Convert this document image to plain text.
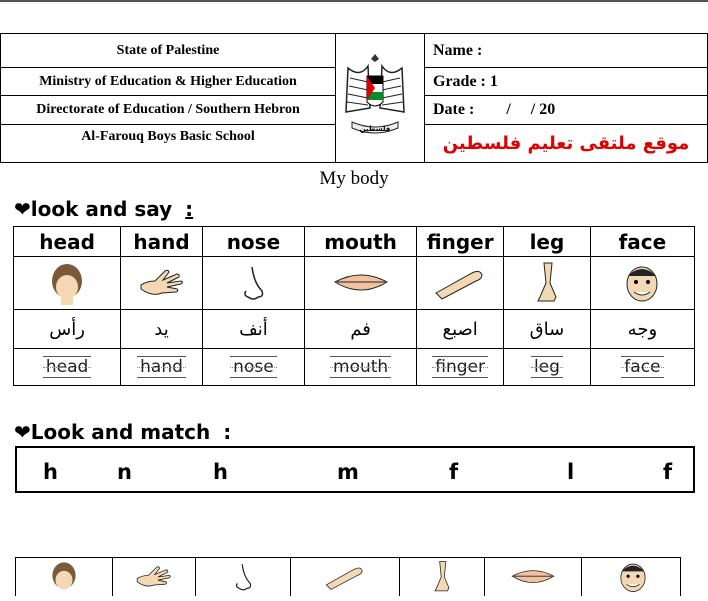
State of Palestine	فلسطين	Name :
Ministry of Education & Higher Education		Grade : 1
Directorate of Education / Southern Hebron		Date :        /     / 20
Al-Farouq Boys Basic School		موقع ملتقى تعليم فلسطين
My body
❤look and say :
head	hand	nose	mouth	finger	leg	face

رأس	يد	أنف	فم	اصبع	ساق	وجه
head	hand	nose	mouth	finger	leg	face
❤Look and match :
h	n	h	m	f	l	f
